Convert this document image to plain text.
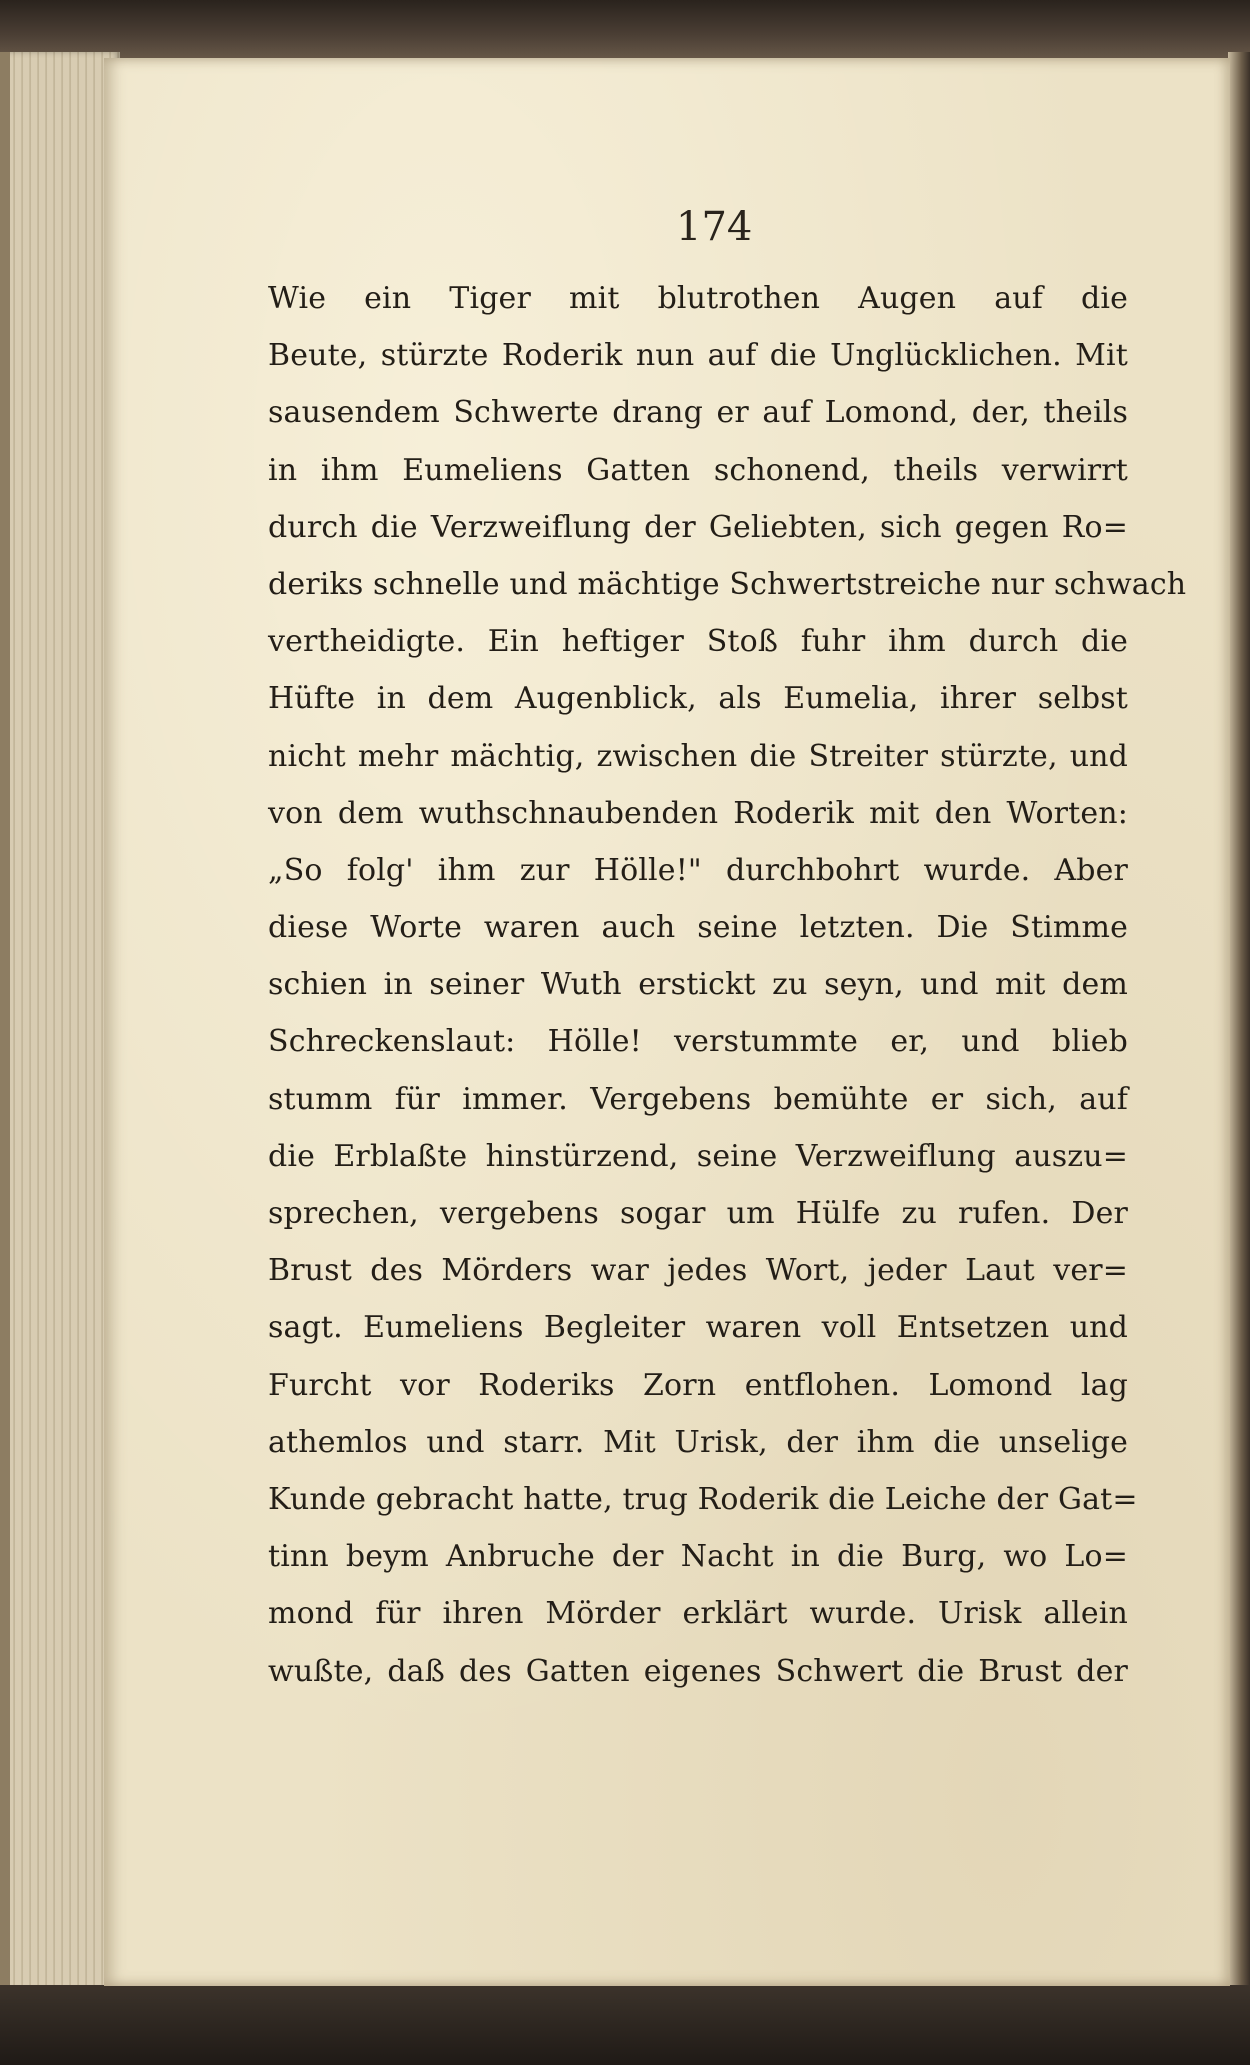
174
Wie ein Tiger mit blutrothen Augen auf die
Beute, stürzte Roderik nun auf die Unglücklichen. Mit
sausendem Schwerte drang er auf Lomond, der, theils
in ihm Eumeliens Gatten schonend, theils verwirrt
durch die Verzweiflung der Geliebten, sich gegen Ro=
deriks schnelle und mächtige Schwertstreiche nur schwach
vertheidigte. Ein heftiger Stoß fuhr ihm durch die
Hüfte in dem Augenblick, als Eumelia, ihrer selbst
nicht mehr mächtig, zwischen die Streiter stürzte, und
von dem wuthschnaubenden Roderik mit den Worten:
„So folg' ihm zur Hölle!" durchbohrt wurde. Aber
diese Worte waren auch seine letzten. Die Stimme
schien in seiner Wuth erstickt zu seyn, und mit dem
Schreckenslaut: Hölle! verstummte er, und blieb
stumm für immer. Vergebens bemühte er sich, auf
die Erblaßte hinstürzend, seine Verzweiflung auszu=
sprechen, vergebens sogar um Hülfe zu rufen. Der
Brust des Mörders war jedes Wort, jeder Laut ver=
sagt. Eumeliens Begleiter waren voll Entsetzen und
Furcht vor Roderiks Zorn entflohen. Lomond lag
athemlos und starr. Mit Urisk, der ihm die unselige
Kunde gebracht hatte, trug Roderik die Leiche der Gat=
tinn beym Anbruche der Nacht in die Burg, wo Lo=
mond für ihren Mörder erklärt wurde. Urisk allein
wußte, daß des Gatten eigenes Schwert die Brust der
